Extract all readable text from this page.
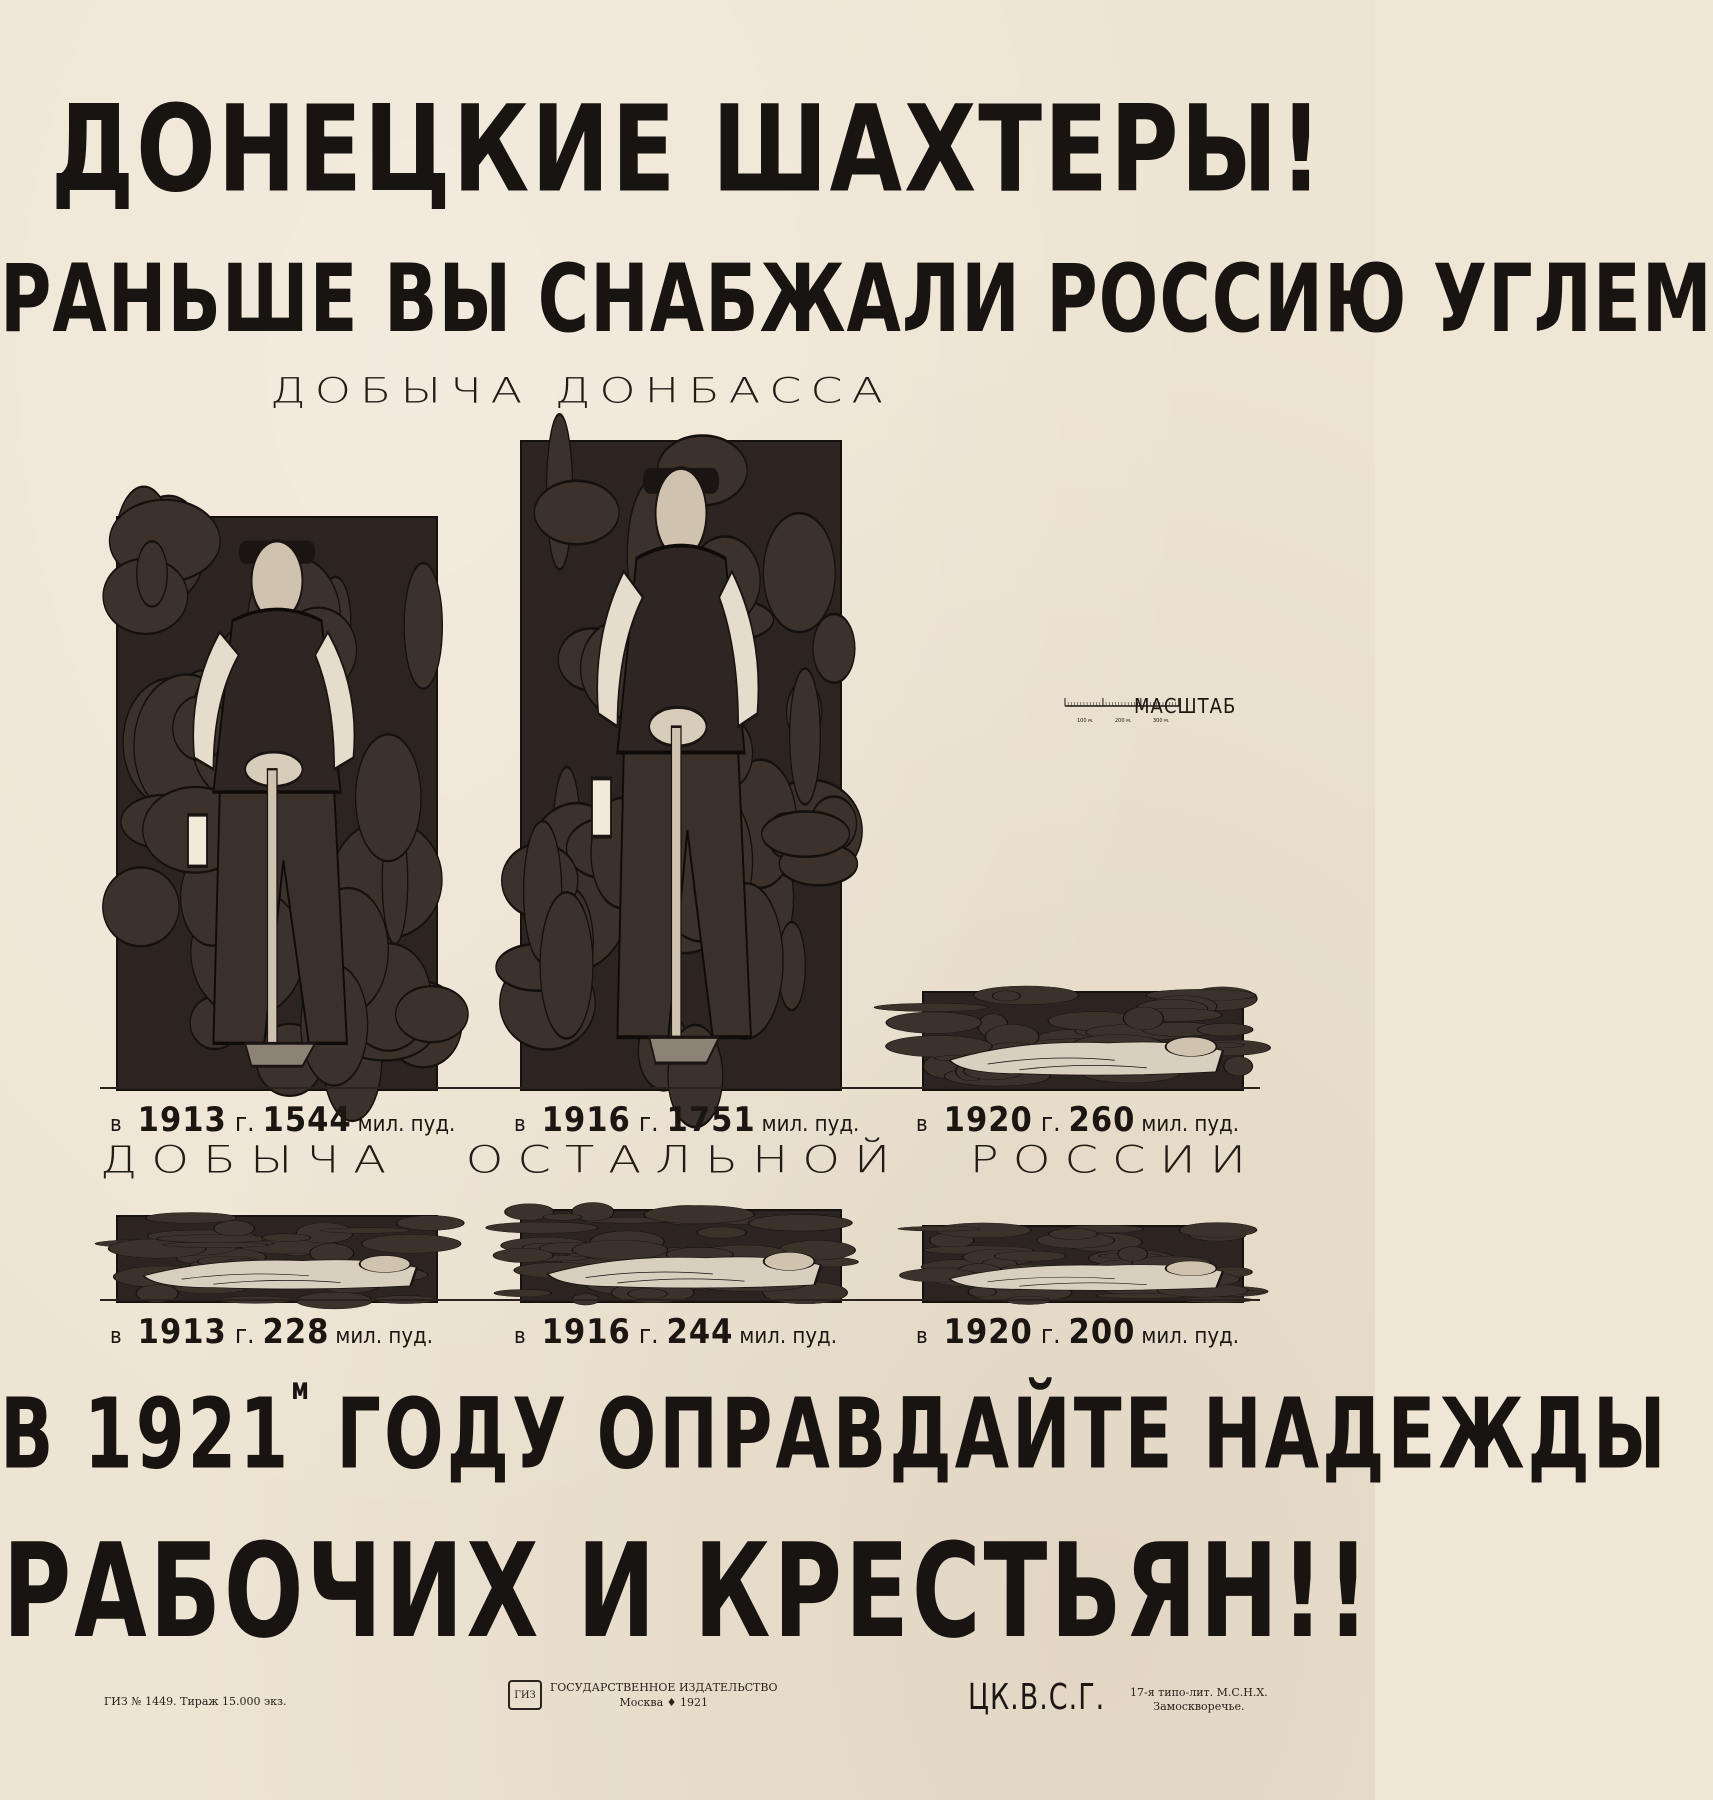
ДОНЕЦКИЕ ШАХТЕРЫ!
РАНЬШЕ ВЫ СНАБЖАЛИ РОССИЮ УГЛЕМ
ДОБЫЧА ДОНБАССА
в 1913 г. 1544 мил. пуд.	в 1916 г. 1751 мил. пуд.	в 1920 г. 260 мил. пуд.
ДОБЫЧА ОСТАЛЬНОЙ РОССИИ
в 1913 г. 228 мил. пуд.	в 1916 г. 244 мил. пуд.	в 1920 г. 200 мил. пуд.
100 м.	200 м.	300 м.
МАСШТАБ
В $1921^м$ ГОДУ ОПРАВДАЙТЕ НАДЕЖДЫ
РАБОЧИХ И КРЕСТЬЯН!!
ГИЗ № 1449. Тираж 15.000 экз.	ГИЗ
ГОСУДАРСТВЕННОЕ ИЗДАТЕЛЬСТВО
Москва ♦ 1921	ЦК.В.С.Г. 17-я типо-лит. М.С.Н.Х.
Замоскворечье.
